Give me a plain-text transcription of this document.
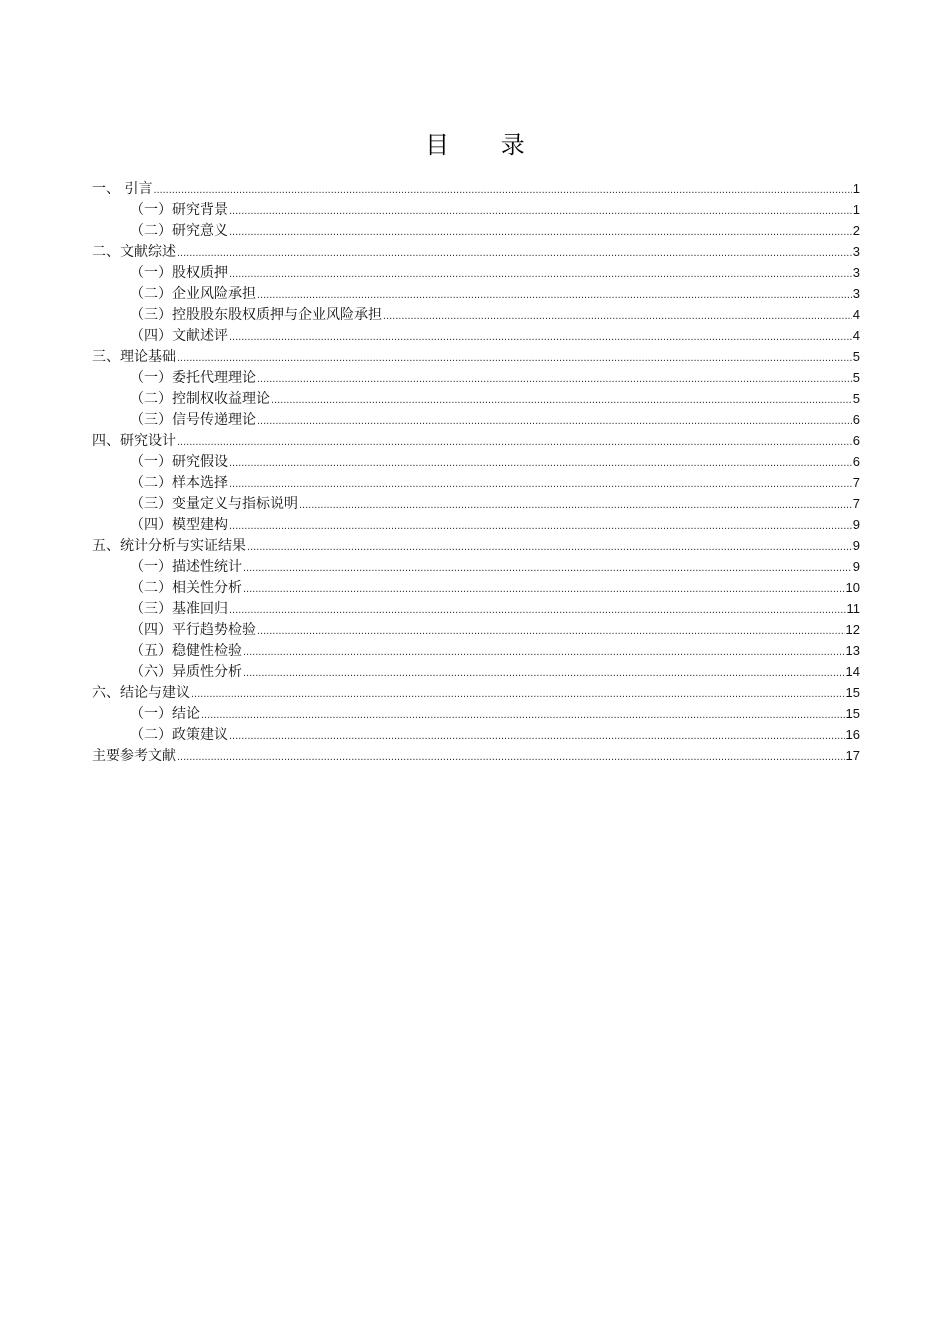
目 录
一、 引言 .....	1
（一）研究背景 .....	1
（二）研究意义 .....	2
二、文献综述 .....	3
（一）股权质押 .....	3
（二）企业风险承担 .....	3
（三）控股股东股权质押与企业风险承担 .....	4
（四）文献述评 .....	4
三、理论基础 .....	5
（一）委托代理理论 .....	5
（二）控制权收益理论 .....	5
（三）信号传递理论 .....	6
四、研究设计 .....	6
（一）研究假设 .....	6
（二）样本选择 .....	7
（三）变量定义与指标说明 .....	7
（四）模型建构 .....	9
五、统计分析与实证结果 .....	9
（一）描述性统计 .....	9
（二）相关性分析 .....	10
（三）基准回归 .....	11
（四）平行趋势检验 .....	12
（五）稳健性检验 .....	13
（六）异质性分析 .....	14
六、结论与建议 .....	15
（一）结论 .....	15
（二）政策建议 .....	16
主要参考文献 .....	17
